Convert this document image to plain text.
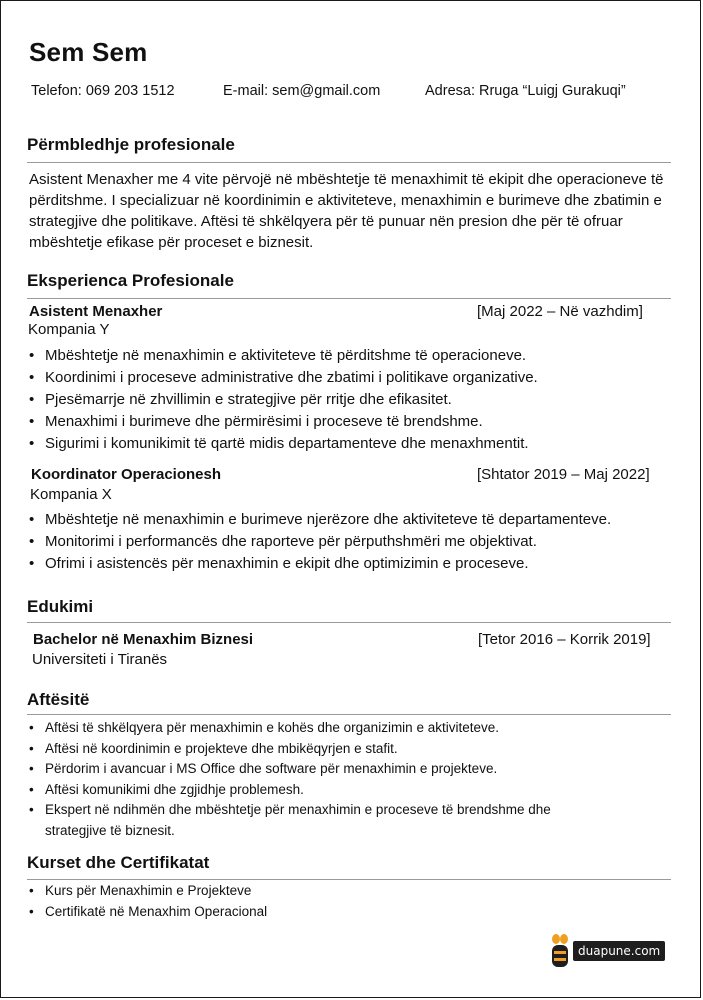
Sem Sem
Telefon: 069 203 1512	E-mail: sem@gmail.com	Adresa: Rruga “Luigj Gurakuqi”
Përmbledhje profesionale
Asistent Menaxher me 4 vite përvojë në mbështetje të menaxhimit të ekipit dhe operacioneve të përditshme. I specializuar në koordinimin e aktiviteteve, menaxhimin e burimeve dhe zbatimin e strategjive dhe politikave. Aftësi të shkëlqyera për të punuar nën presion dhe për të ofruar mbështetje efikase për proceset e biznesit.
Eksperienca Profesionale
Asistent Menaxher	[Maj 2022 – Në vazhdim]
Kompania Y
• Mbështetje në menaxhimin e aktiviteteve të përditshme të operacioneve.
• Koordinimi i proceseve administrative dhe zbatimi i politikave organizative.
• Pjesëmarrje në zhvillimin e strategjive për rritje dhe efikasitet.
• Menaxhimi i burimeve dhe përmirësimi i proceseve të brendshme.
• Sigurimi i komunikimit të qartë midis departamenteve dhe menaxhmentit.
Koordinator Operacionesh	[Shtator 2019 – Maj 2022]
Kompania X
• Mbështetje në menaxhimin e burimeve njerëzore dhe aktiviteteve të departamenteve.
• Monitorimi i performancës dhe raporteve për përputhshmëri me objektivat.
• Ofrimi i asistencës për menaxhimin e ekipit dhe optimizimin e proceseve.
Edukimi
Bachelor në Menaxhim Biznesi	[Tetor 2016 – Korrik 2019]
Universiteti i Tiranës
Aftësitë
• Aftësi të shkëlqyera për menaxhimin e kohës dhe organizimin e aktiviteteve.
• Aftësi në koordinimin e projekteve dhe mbikëqyrjen e stafit.
• Përdorim i avancuar i MS Office dhe software për menaxhimin e projekteve.
• Aftësi komunikimi dhe zgjidhje problemesh.
• Ekspert në ndihmën dhe mbështetje për menaxhimin e proceseve të brendshme dhe strategjive të biznesit.
Kurset dhe Certifikatat
• Kurs për Menaxhimin e Projekteve
• Certifikatë në Menaxhim Operacional
duapune.com
